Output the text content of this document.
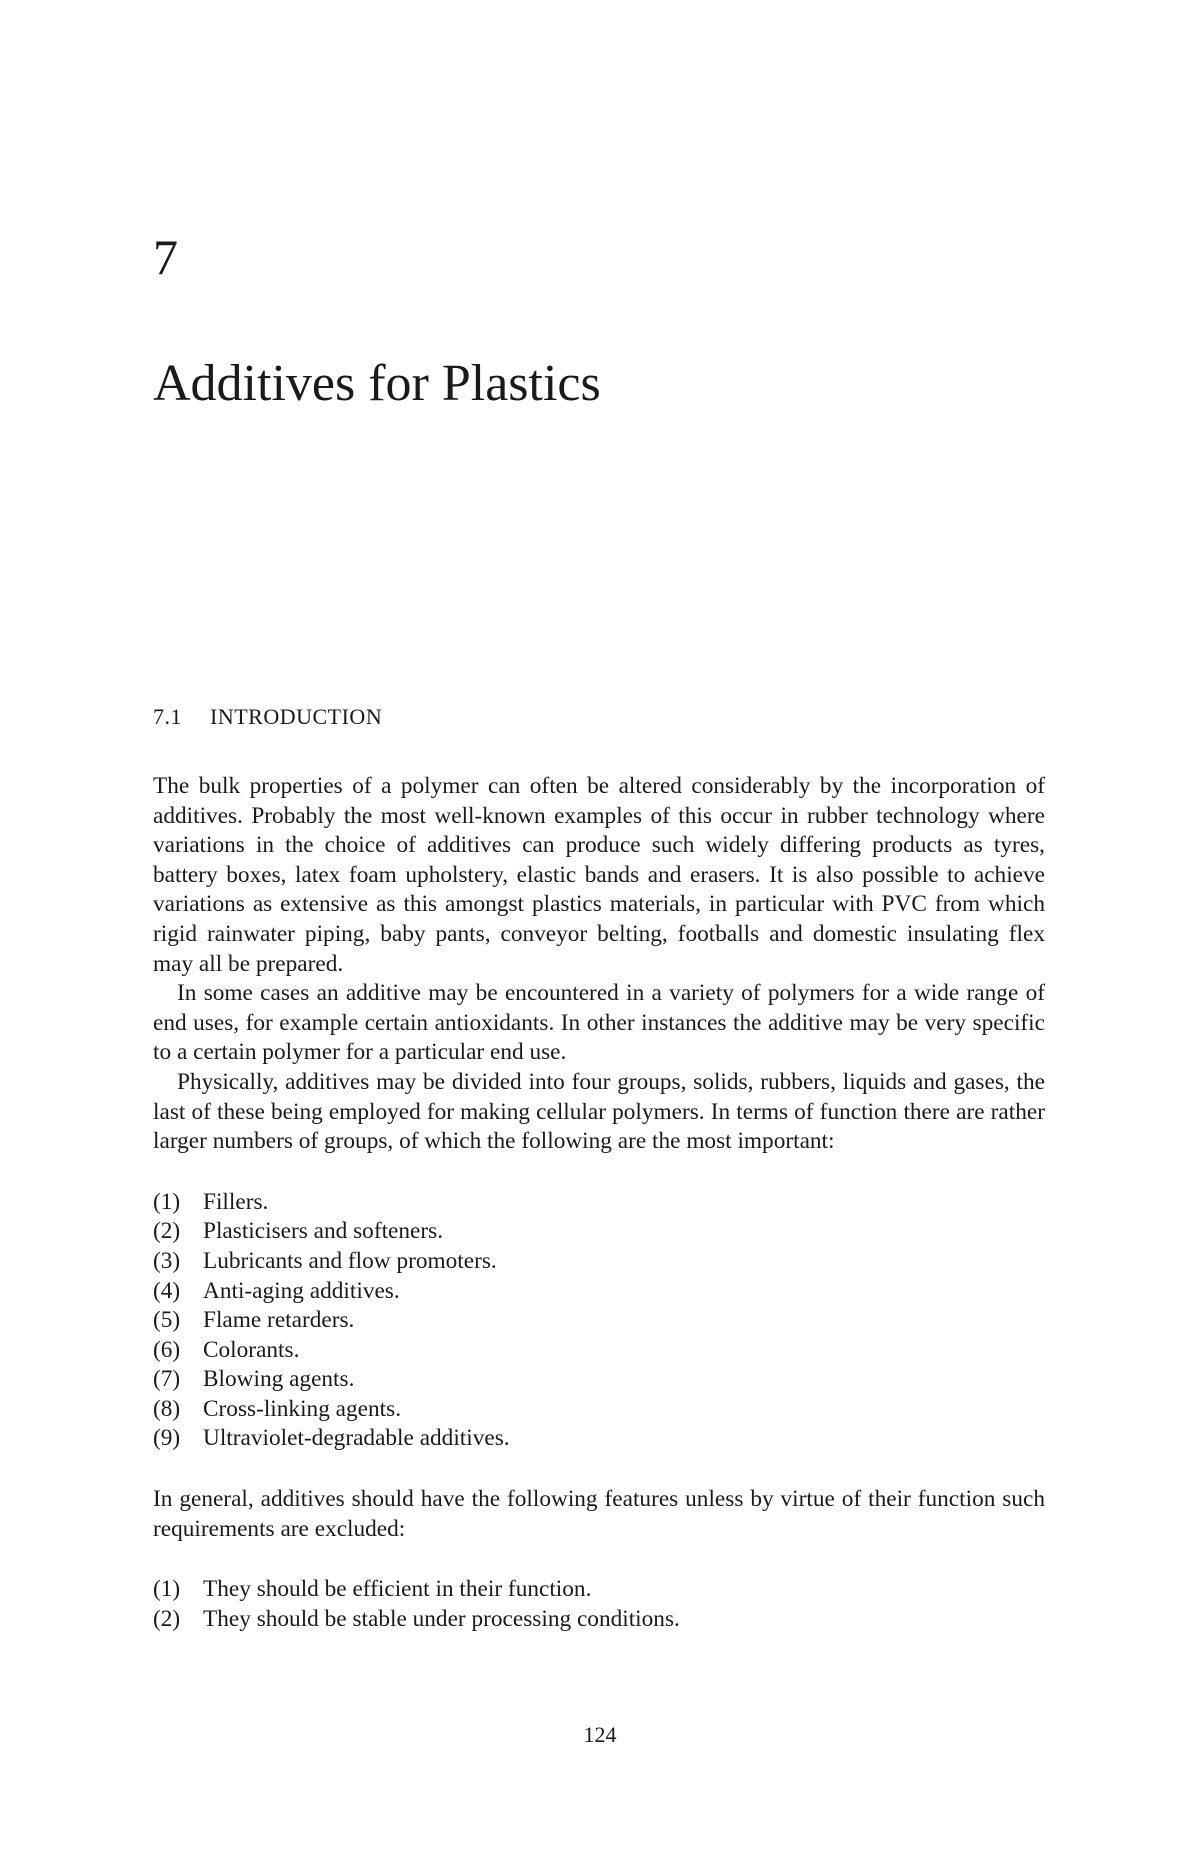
7
Additives for Plastics
7.1 INTRODUCTION

The bulk properties of a polymer can often be altered considerably by the incorporation of additives. Probably the most well-known examples of this occur in rubber technology where variations in the choice of additives can produce such widely differing products as tyres, battery boxes, latex foam upholstery, elastic bands and erasers. It is also possible to achieve variations as extensive as this amongst plastics materials, in particular with PVC from which rigid rainwater piping, baby pants, conveyor belting, footballs and domestic insulating flex may all be prepared.

In some cases an additive may be encountered in a variety of polymers for a wide range of end uses, for example certain antioxidants. In other instances the additive may be very specific to a certain polymer for a particular end use.

Physically, additives may be divided into four groups, solids, rubbers, liquids and gases, the last of these being employed for making cellular polymers. In terms of function there are rather larger numbers of groups, of which the following are the most important:

(1) Fillers.
(2) Plasticisers and softeners.
(3) Lubricants and flow promoters.
(4) Anti-aging additives.
(5) Flame retarders.
(6) Colorants.
(7) Blowing agents.
(8) Cross-linking agents.
(9) Ultraviolet-degradable additives.

In general, additives should have the following features unless by virtue of their function such requirements are excluded:

(1) They should be efficient in their function.
(2) They should be stable under processing conditions.
124
